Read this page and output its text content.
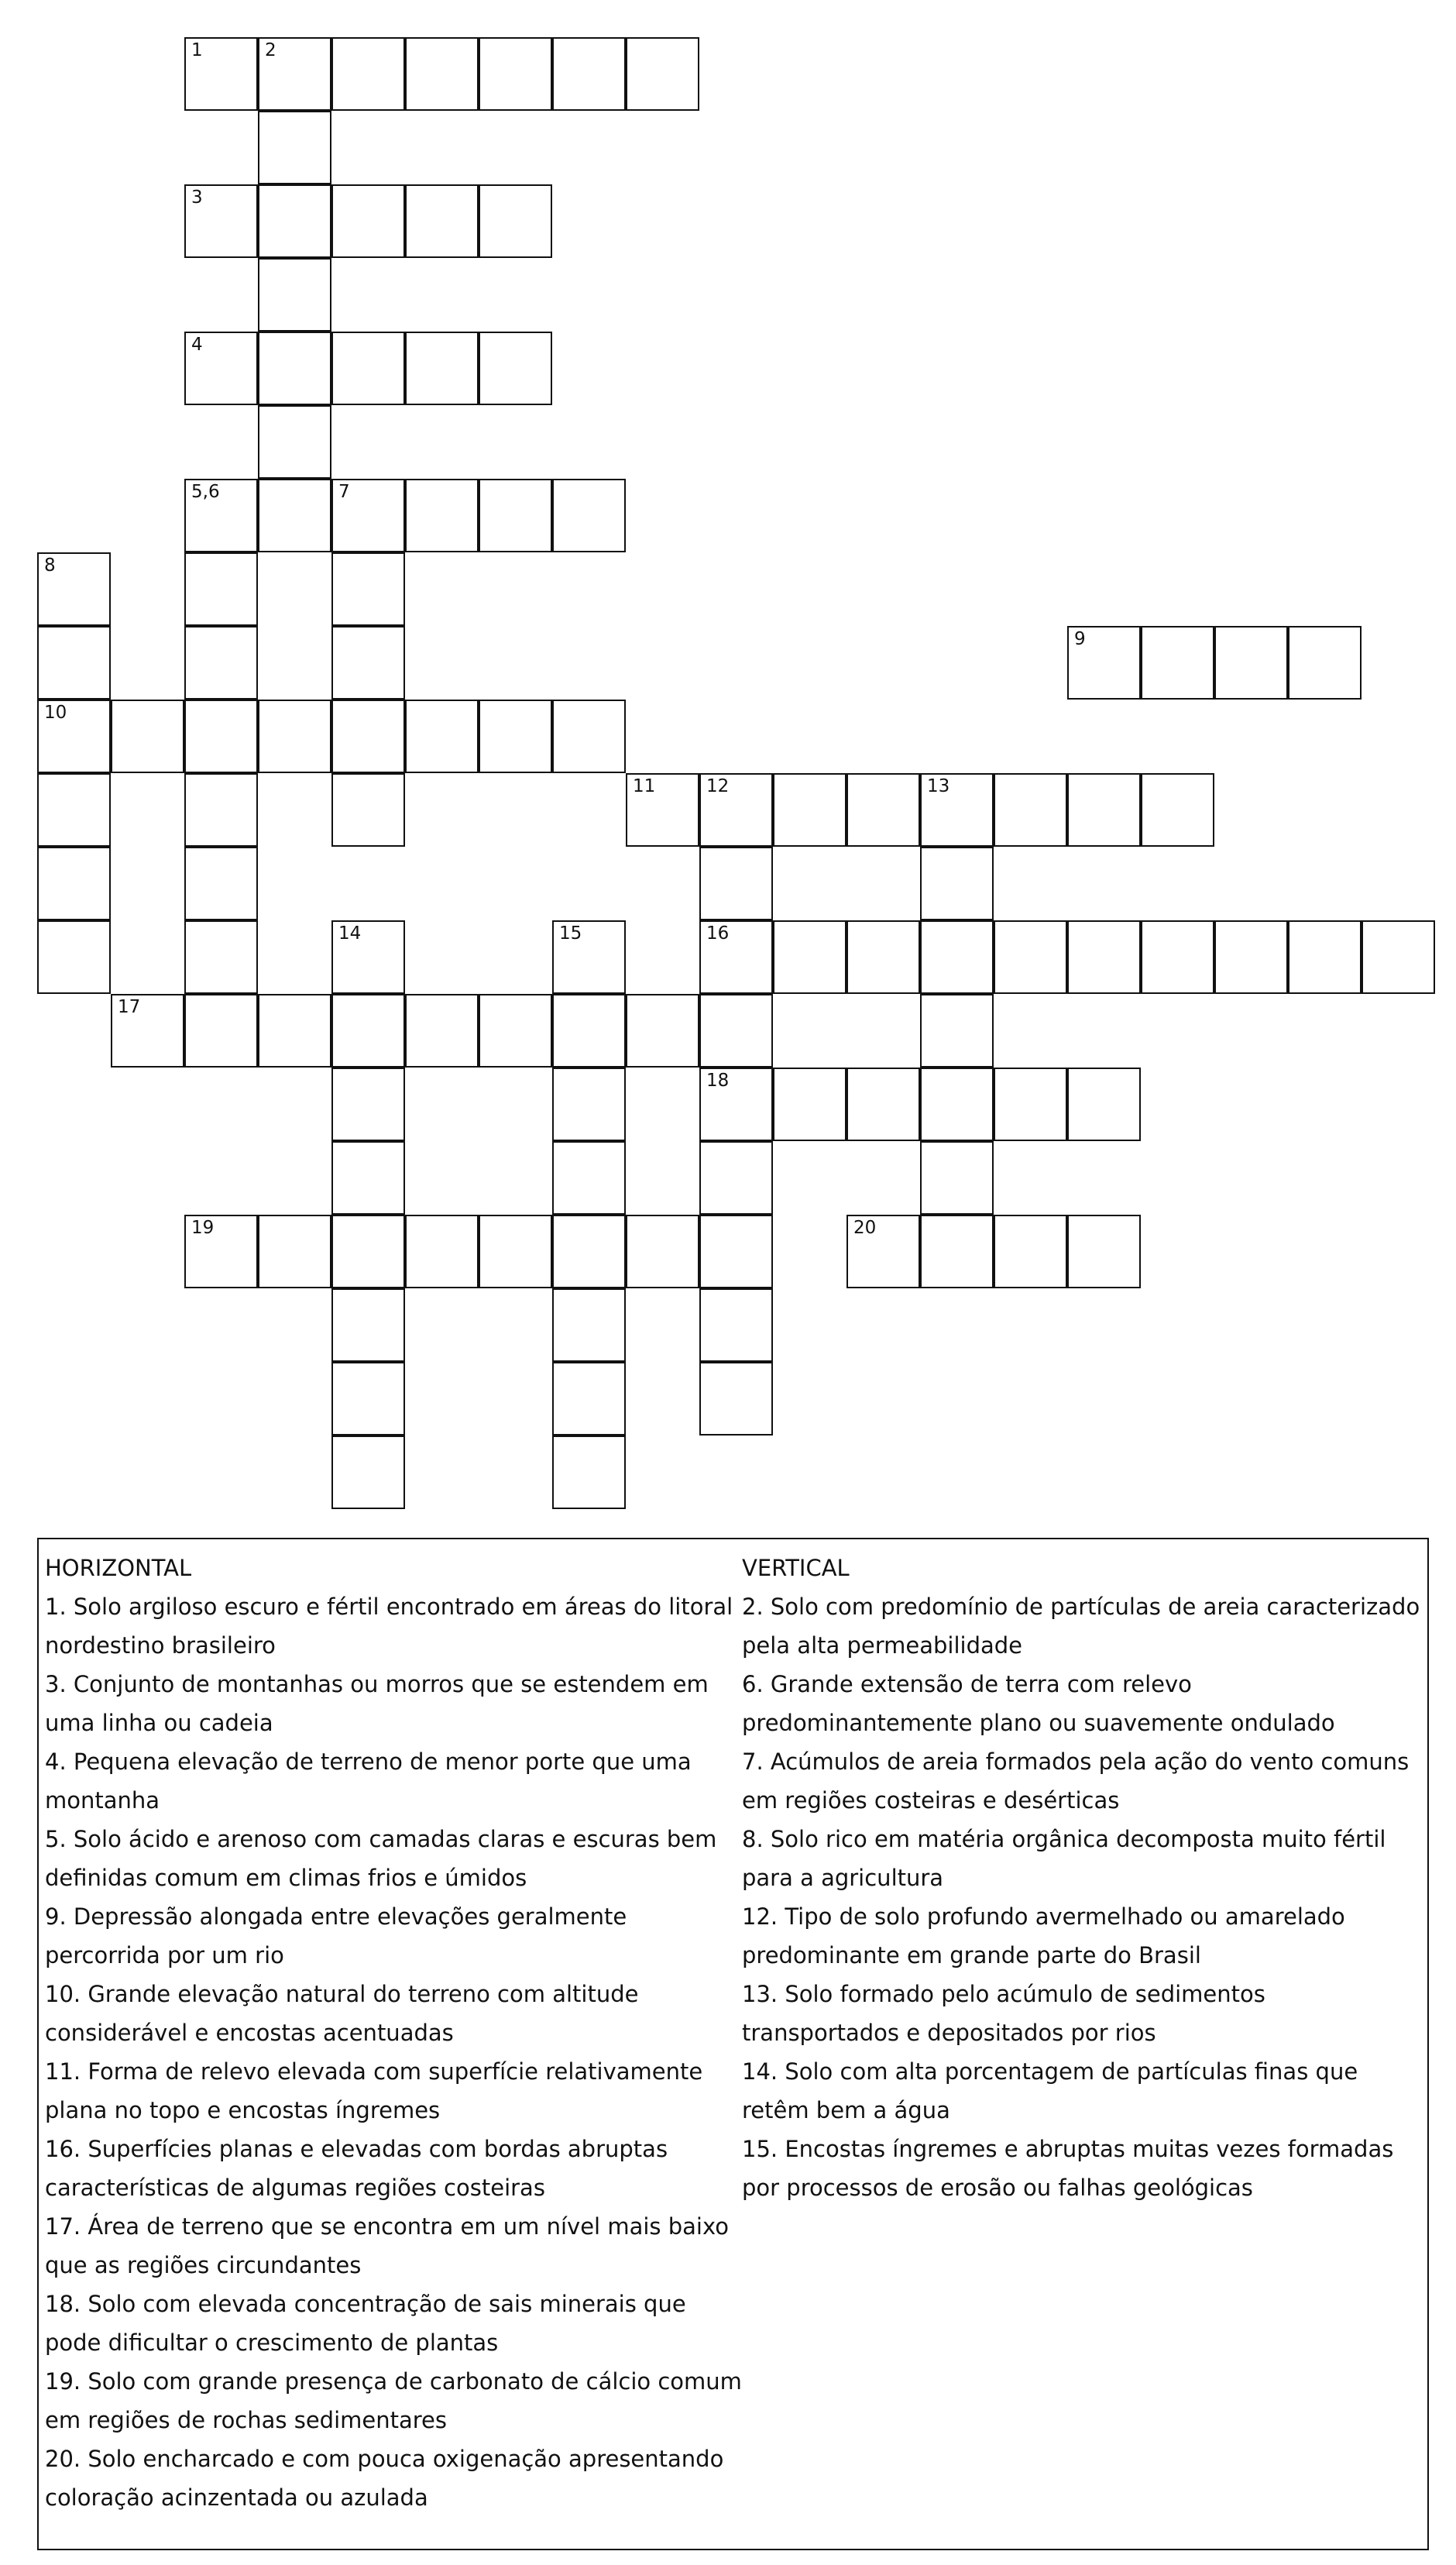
1	2
3
4
5,6	7
8
9
10
11	12	13
14	15	16
17
18
19	20
HORIZONTAL
1. Solo argiloso escuro e fértil encontrado em áreas do litoral nordestino brasileiro
3. Conjunto de montanhas ou morros que se estendem em uma linha ou cadeia
4. Pequena elevação de terreno de menor porte que uma montanha
5. Solo ácido e arenoso com camadas claras e escuras bem definidas comum em climas frios e úmidos
9. Depressão alongada entre elevações geralmente percorrida por um rio
10. Grande elevação natural do terreno com altitude considerável e encostas acentuadas
11. Forma de relevo elevada com superfície relativamente plana no topo e encostas íngremes
16. Superfícies planas e elevadas com bordas abruptas características de algumas regiões costeiras
17. Área de terreno que se encontra em um nível mais baixo que as regiões circundantes
18. Solo com elevada concentração de sais minerais que pode dificultar o crescimento de plantas
19. Solo com grande presença de carbonato de cálcio comum em regiões de rochas sedimentares
20. Solo encharcado e com pouca oxigenação apresentando coloração acinzentada ou azulada
VERTICAL
2. Solo com predomínio de partículas de areia caracterizado pela alta permeabilidade
6. Grande extensão de terra com relevo predominantemente plano ou suavemente ondulado
7. Acúmulos de areia formados pela ação do vento comuns em regiões costeiras e desérticas
8. Solo rico em matéria orgânica decomposta muito fértil para a agricultura
12. Tipo de solo profundo avermelhado ou amarelado predominante em grande parte do Brasil
13. Solo formado pelo acúmulo de sedimentos transportados e depositados por rios
14. Solo com alta porcentagem de partículas finas que retêm bem a água
15. Encostas íngremes e abruptas muitas vezes formadas por processos de erosão ou falhas geológicas
